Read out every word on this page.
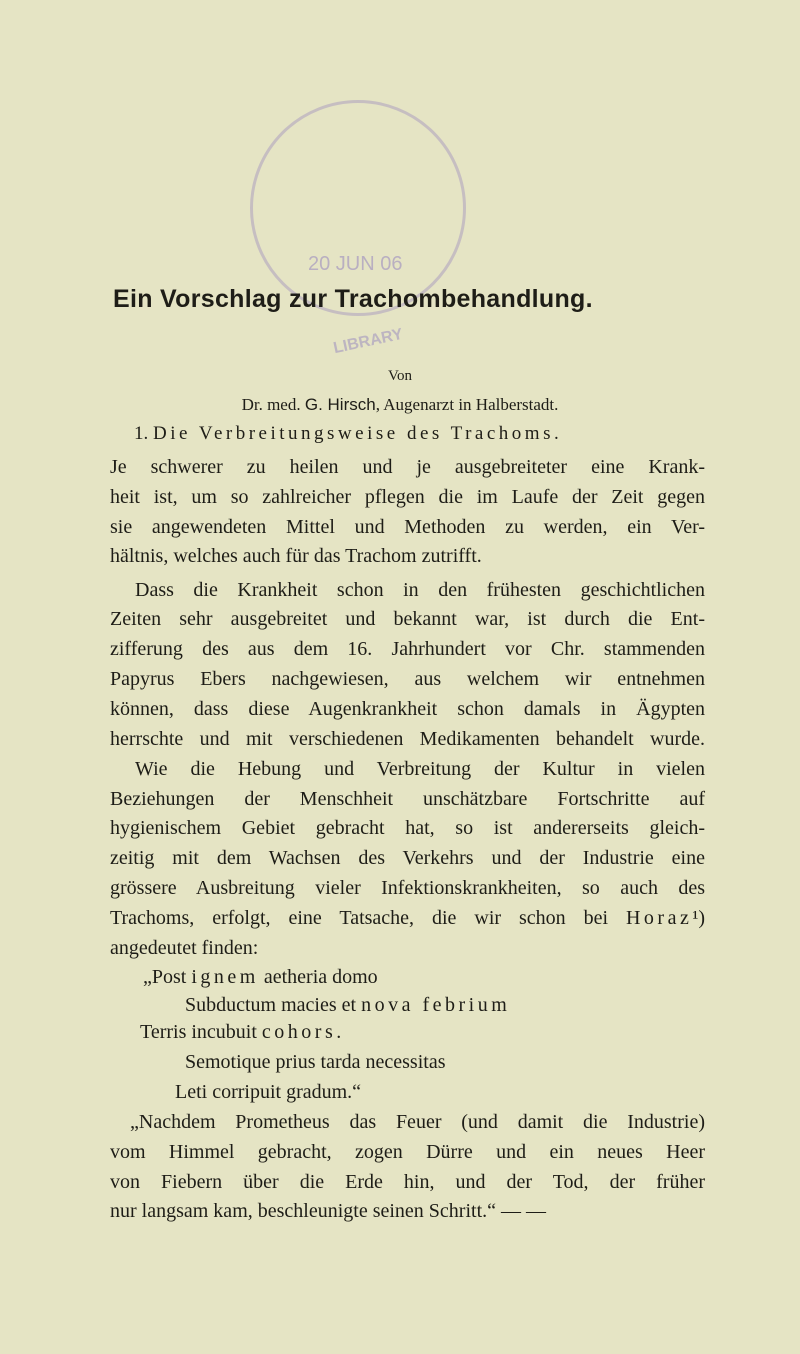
20 JUN 06
LIBRARY
Ein Vorschlag zur Trachombehandlung.
Von
Dr. med. G. Hirsch, Augenarzt in Halberstadt.
1. Die Verbreitungsweise des Trachoms.
Je schwerer zu heilen und je ausgebreiteter eine Krank-
heit ist, um so zahlreicher pflegen die im Laufe der Zeit gegen
sie angewendeten Mittel und Methoden zu werden, ein Ver-
hältnis, welches auch für das Trachom zutrifft.
Dass die Krankheit schon in den frühesten geschichtlichen
Zeiten sehr ausgebreitet und bekannt war, ist durch die Ent-
zifferung des aus dem 16. Jahrhundert vor Chr. stammenden
Papyrus Ebers nachgewiesen, aus welchem wir entnehmen
können, dass diese Augenkrankheit schon damals in Ägypten
herrschte und mit verschiedenen Medikamenten behandelt wurde.
Wie die Hebung und Verbreitung der Kultur in vielen
Beziehungen der Menschheit unschätzbare Fortschritte auf
hygienischem Gebiet gebracht hat, so ist andererseits gleich-
zeitig mit dem Wachsen des Verkehrs und der Industrie eine
grössere Ausbreitung vieler Infektionskrankheiten, so auch des
Trachoms, erfolgt, eine Tatsache, die wir schon bei Horaz¹)
angedeutet finden:
„Post ignem aetheria domo
Subductum macies et nova febrium
Terris incubuit cohors.
Semotique prius tarda necessitas
Leti corripuit gradum.“
„Nachdem Prometheus das Feuer (und damit die Industrie)
vom Himmel gebracht, zogen Dürre und ein neues Heer
von Fiebern über die Erde hin, und der Tod, der früher
nur langsam kam, beschleunigte seinen Schritt.“ — —
